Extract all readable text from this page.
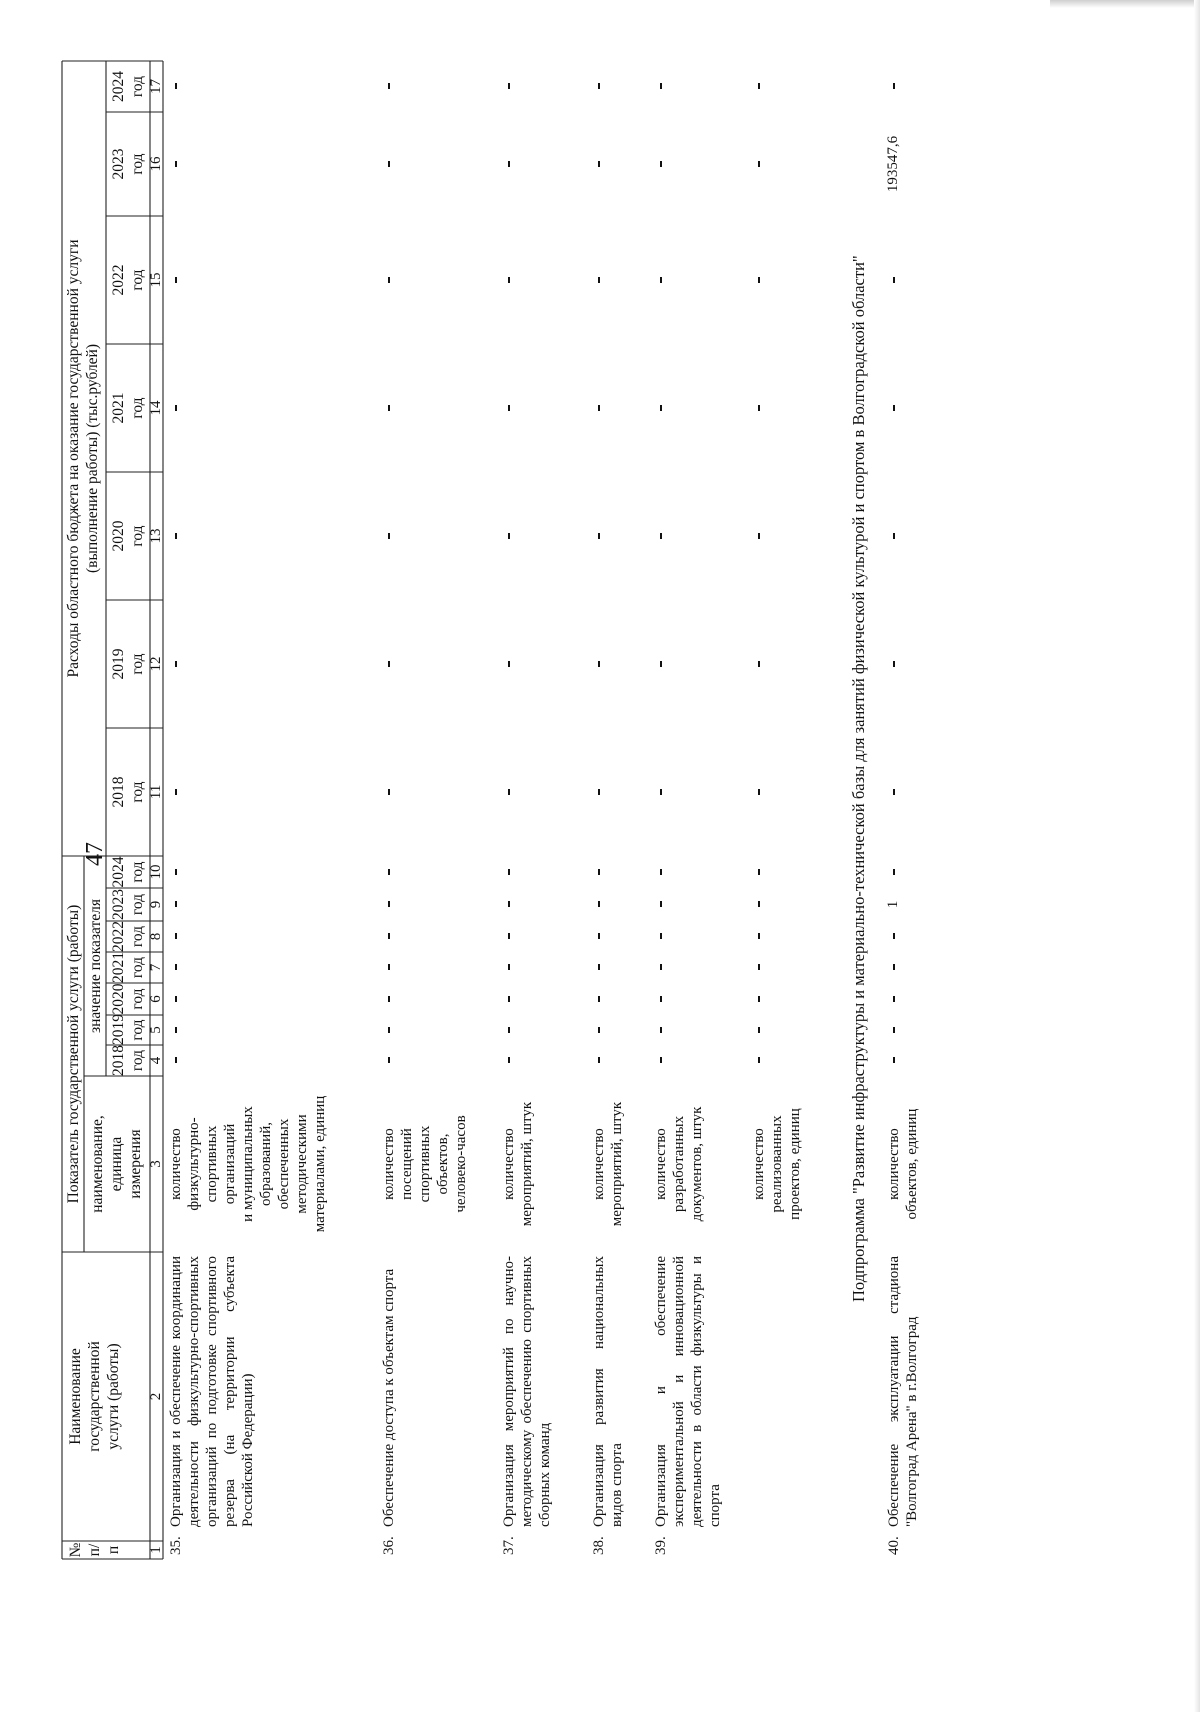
47
№
п/п
Наименование
государственной
услуги (работы)
Показатель государственной услуги (работы) наименование,
единица
измерения
значение показателя
Расходы областного бюджета на оказание государственной услуги
(выполнение работы) (тыс.рублей)
2018
год
2018
год
2019
год
2019
год
2020
год
2020
год
2021
год
2021
год
2022
год
2022
год
2023
год
2023
год
2024
год
2024
год
1
2
3
4
5
6
7
8
9
10
11
12
13
14
15
16
17
35.
Организация и обеспечение координации деятельности физкультурно-спортивных организаций по подготовке спортивного резерва (на территории субъекта Российской Федерации)
количество
физкультурно-
спортивных
организаций
и муниципальных
образований,
обеспеченных
методическими
материалами, единиц
36.
Обеспечение доступа к объектам спорта
количество
посещений
спортивных
объектов,
человеко-часов
37.
Организация мероприятий по научно-методическому обеспечению спортивных сборных команд
количество
мероприятий, штук
38.
Организация развития национальных видов спорта
количество
мероприятий, штук
39.
Организация и обеспечение экспериментальной и инновационной деятельности в области физкультуры и спорта
количество
разработанных
документов, штук
количество
реализованных
проектов, единиц	Подпрограмма "Развитие инфраструктуры и материально-технической базы для занятий физической культурой и спортом в Волгоградской области"
40.
Обеспечение эксплуатации стадиона "Волгоград Арена" в г.Волгоград
количество
объектов, единиц
1
193547,6
